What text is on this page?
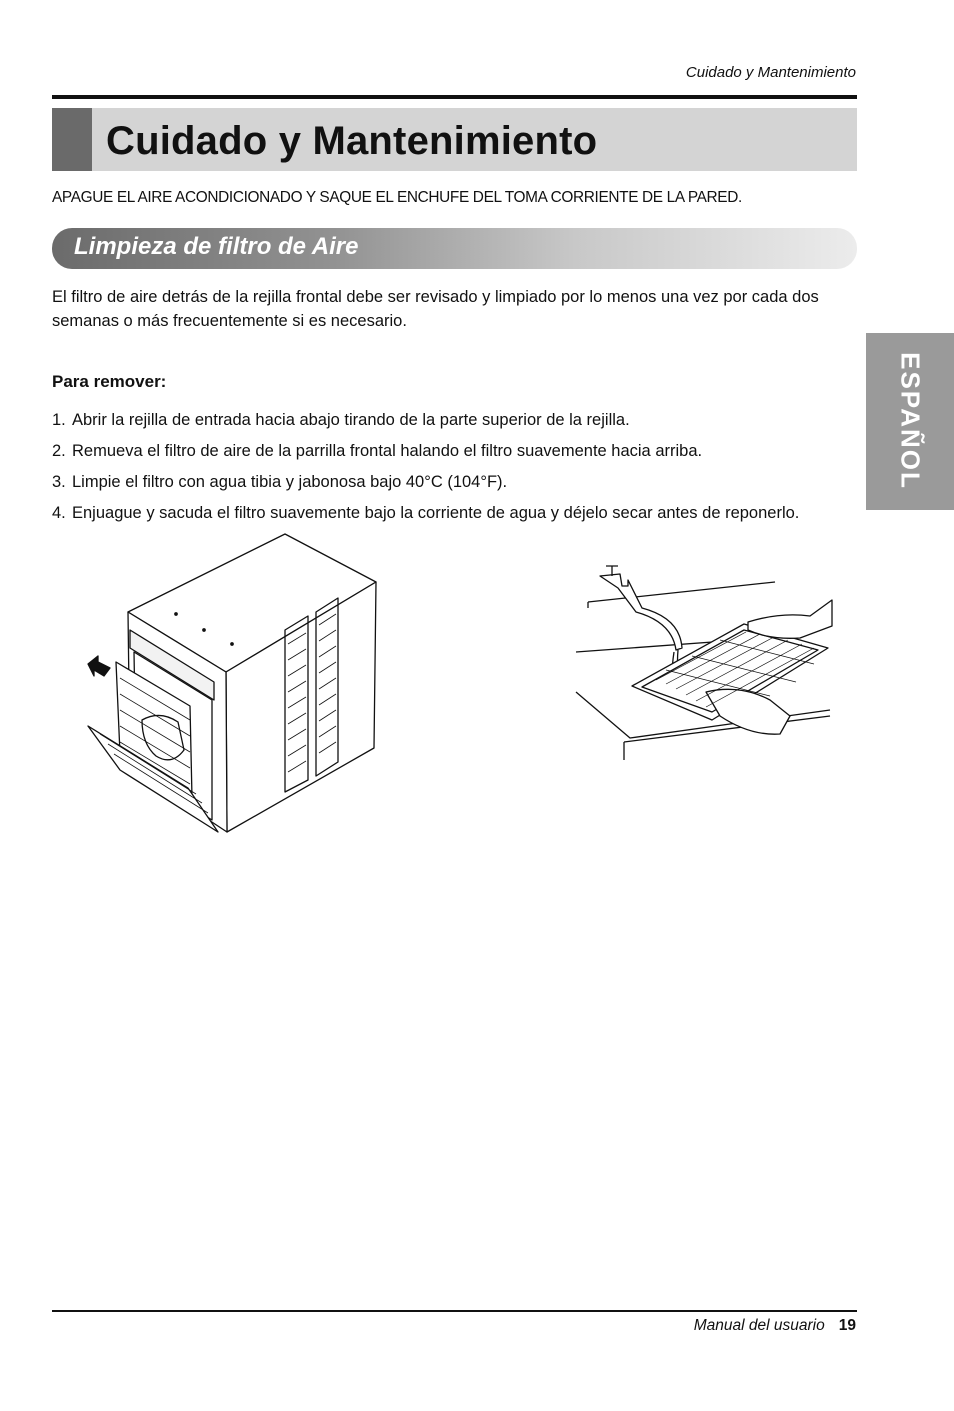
Cuidado y Mantenimiento
Cuidado y Mantenimiento
APAGUE EL AIRE ACONDICIONADO Y SAQUE EL ENCHUFE DEL TOMA CORRIENTE DE LA PARED.
Limpieza de filtro de Aire
El filtro de aire detrás de la rejilla frontal debe ser revisado y limpiado por lo menos una vez por cada dos semanas o más frecuentemente si es necesario.
Para remover:
1. Abrir la rejilla de entrada hacia abajo tirando de la parte superior de la rejilla.
2. Remueva el filtro de aire de la parrilla frontal halando el filtro suavemente hacia arriba.
3. Limpie el filtro con agua tibia y jabonosa bajo 40°C (104°F).
4. Enjuague y sacuda el filtro suavemente bajo la corriente de agua y déjelo secar antes de reponerlo.
ESPAÑOL
Manual del usuario 19
